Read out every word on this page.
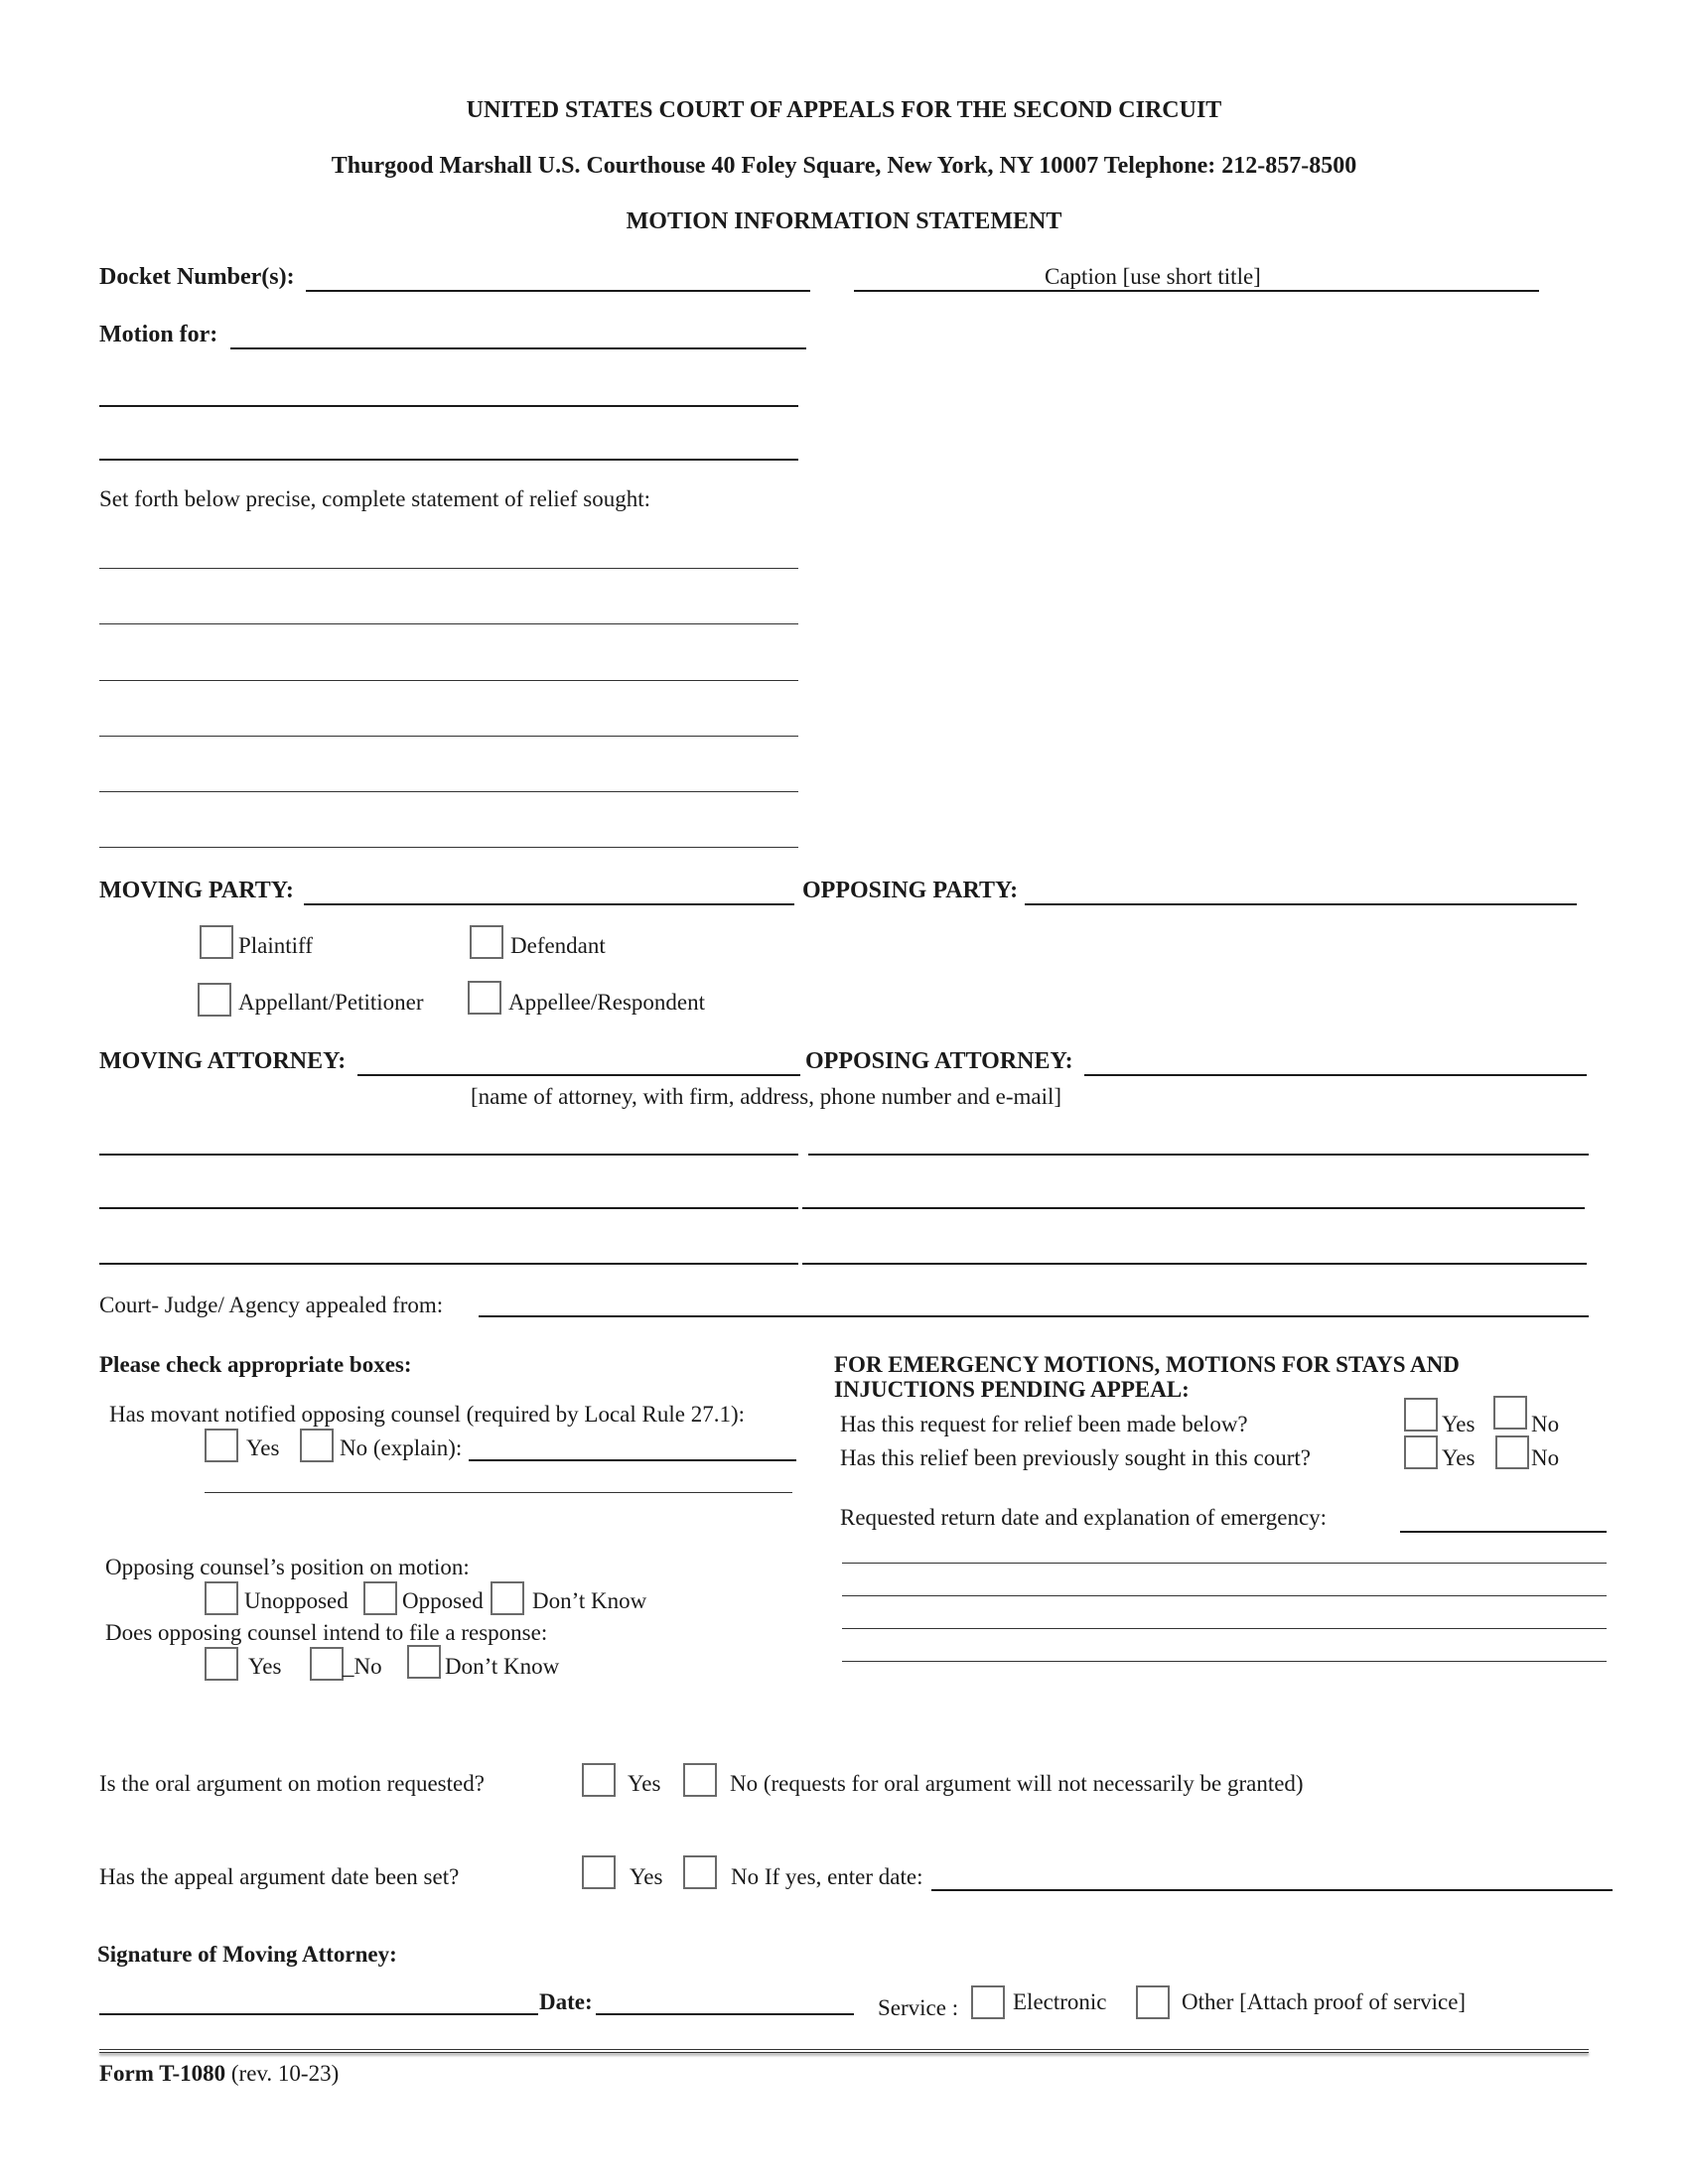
UNITED STATES COURT OF APPEALS FOR THE SECOND CIRCUIT
Thurgood Marshall U.S. Courthouse 40 Foley Square, New York, NY 10007 Telephone: 212-857-8500
MOTION INFORMATION STATEMENT
Docket Number(s):	Caption [use short title]
Motion for:
Set forth below precise, complete statement of relief sought:
MOVING PARTY:	OPPOSING PARTY:
Plaintiff	Defendant
Appellant/Petitioner	Appellee/Respondent
MOVING ATTORNEY:	OPPOSING ATTORNEY:
[name of attorney, with firm, address, phone number and e-mail]
Court- Judge/ Agency appealed from:
Please check appropriate boxes:
Has movant notified opposing counsel (required by Local Rule 27.1):
Yes	No (explain):
Opposing counsel’s position on motion:
Unopposed Opposed Don’t Know
Does opposing counsel intend to file a response:
Yes	_No	Don’t Know
FOR EMERGENCY MOTIONS, MOTIONS FOR STAYS AND
INJUCTIONS PENDING APPEAL:
Has this request for relief been made below?	Yes No
Has this relief been previously sought in this court?	Yes No
Requested return date and explanation of emergency:
Is the oral argument on motion requested?	Yes	No (requests for oral argument will not necessarily be granted)
Has the appeal argument date been set?	Yes	No If yes, enter date:
Signature of Moving Attorney:
Date:	Service : Electronic	Other [Attach proof of service]
Form T-1080 (rev. 10-23)
